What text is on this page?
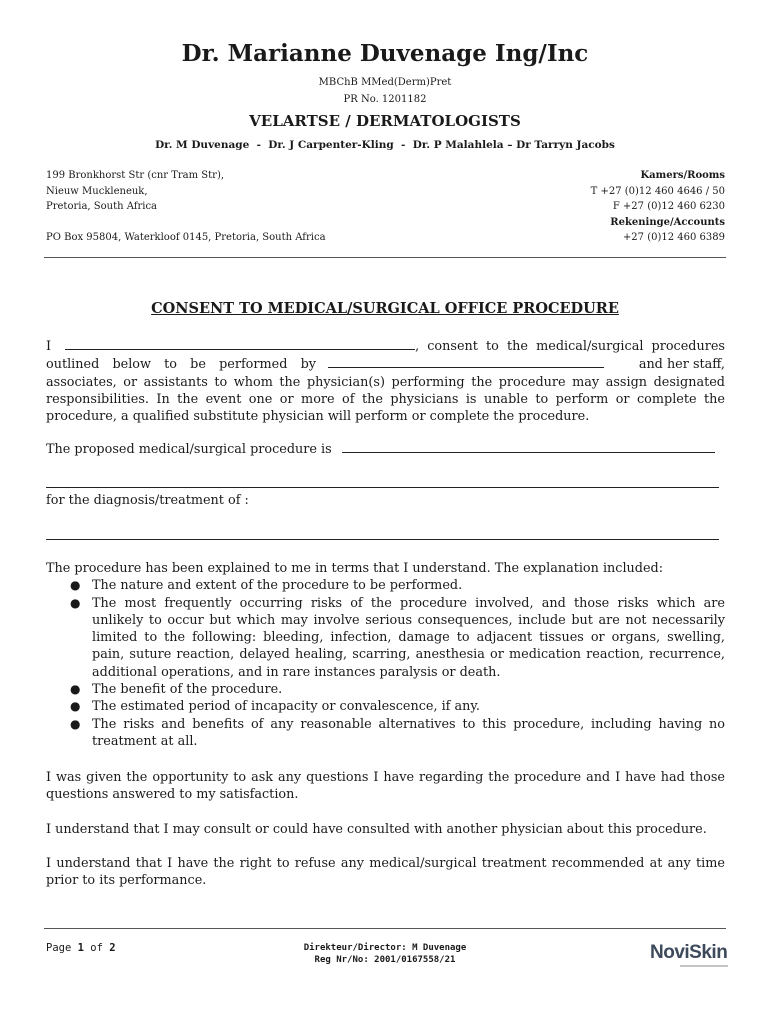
Dr. Marianne Duvenage Ing/Inc
MBChB MMed(Derm)Pret
PR No. 1201182
VELARTSE / DERMATOLOGISTS
Dr. M Duvenage  -  Dr. J Carpenter-Kling  -  Dr. P Malahlela – Dr Tarryn Jacobs
199 Bronkhorst Str (cnr Tram Str),
Nieuw Muckleneuk,
Pretoria, South Africa
PO Box 95804, Waterkloof 0145, Pretoria, South Africa
Kamers/Rooms
T +27 (0)12 460 4646 / 50
F +27 (0)12 460 6230
Rekeninge/Accounts
+27 (0)12 460 6389
CONSENT TO MEDICAL/SURGICAL OFFICE PROCEDURE
I	, consent to the medical/surgical procedures
outlined below to be performed by	and her staff,
associates, or assistants to whom the physician(s) performing the procedure may assign designated responsibilities. In the event one or more of the physicians is unable to perform or complete the procedure, a qualified substitute physician will perform or complete the procedure.
The proposed medical/surgical procedure is
for the diagnosis/treatment of :
The procedure has been explained to me in terms that I understand. The explanation included:
● The nature and extent of the procedure to be performed.
● The most frequently occurring risks of the procedure involved, and those risks which are unlikely to occur but which may involve serious consequences, include but are not necessarily limited to the following: bleeding, infection, damage to adjacent tissues or organs, swelling, pain, suture reaction, delayed healing, scarring, anesthesia or medication reaction, recurrence, additional operations, and in rare instances paralysis or death.
● The benefit of the procedure.
● The estimated period of incapacity or convalescence, if any.
● The risks and benefits of any reasonable alternatives to this procedure, including having no treatment at all.
I was given the opportunity to ask any questions I have regarding the procedure and I have had those questions answered to my satisfaction.
I understand that I may consult or could have consulted with another physician about this procedure.
I understand that I have the right to refuse any medical/surgical treatment recommended at any time prior to its performance.
Page 1 of 2	Direkteur/Director: M Duvenage
Reg Nr/No: 2001/0167558/21	NoviSkin
